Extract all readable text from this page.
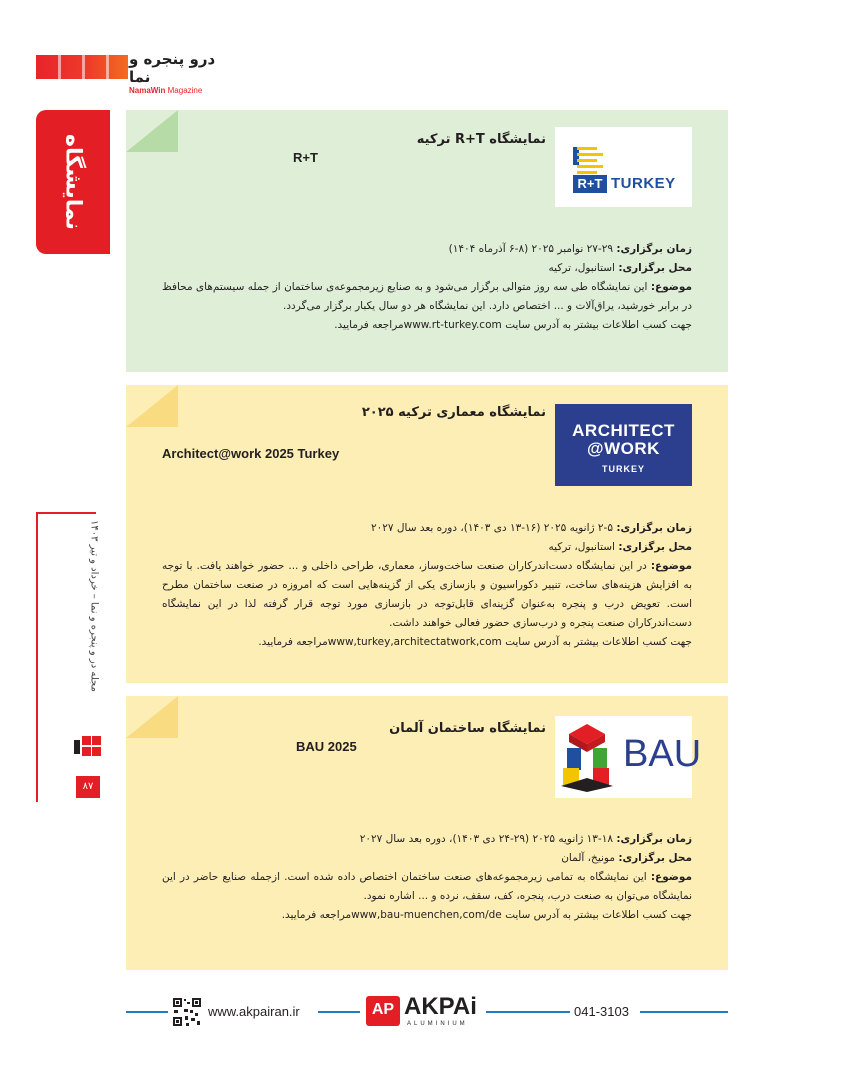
درو پنجره و نما
NamaWin Magazine
نمایشگاه
مجله در و پنجره و نما – خرداد و تیر ۱۴۰۳
۸۷
نمایشگاه R+T ترکیه
R+T
R+T TURKEY

زمان برگزاری: ۲۹-۲۷ نوامبر ۲۰۲۵ (۸-۶ آذرماه ۱۴۰۴)

محل برگزاری: استانبول، ترکیه

موضوع: این نمایشگاه طی سه روز متوالی برگزار می‌شود و به صنایع زیرمجموعه‌ی ساختمان از جمله سیستم‌های محافظ در برابر خورشید، یراق‌آلات و ... اختصاص دارد. این نمایشگاه هر دو سال یکبار برگزار می‌گردد.

جهت کسب اطلاعات بیشتر به آدرس سایت www.rt-turkey.comمراجعه فرمایید.

نمایشگاه معماری ترکیه ۲۰۲۵
Architect@work 2025 Turkey
ARCHITECT
@WORK
TURKEY

زمان برگزاری: ۵-۲ ژانویه ۲۰۲۵ (۱۶-۱۳ دی ۱۴۰۳)، دوره بعد سال ۲۰۲۷

محل برگزاری: استانبول، ترکیه

موضوع: در این نمایشگاه دست‌اندرکاران صنعت ساخت‌وساز، معماری، طراحی داخلی و ... حضور خواهند یافت. با توجه به افزایش هزینه‌های ساخت، تنییر دکوراسیون و بازسازی یکی از گزینه‌هایی است که امروزه در صنعت ساختمان مطرح است. تعویض درب و پنجره به‌عنوان گزینه‌ای قابل‌توجه در بازسازی مورد توجه قرار گرفته لذا در این نمایشگاه دست‌اندرکاران صنعت پنجره و درب‌سازی حضور فعالی خواهند داشت.

جهت کسب اطلاعات بیشتر به آدرس سایت www,turkey,architectatwork,comمراجعه فرمایید.

نمایشگاه ساختمان آلمان
BAU 2025	BAU

زمان برگزاری: ۱۸-۱۳ ژانویه ۲۰۲۵ (۲۹-۲۴ دی ۱۴۰۳)، دوره بعد سال ۲۰۲۷

محل برگزاری: مونیخ، آلمان

موضوع: این نمایشگاه به تمامی زیرمجموعه‌های صنعت ساختمان اختصاص داده شده است. ازجمله صنایع حاضر در این نمایشگاه می‌توان به صنعت درب، پنجره، کف، سقف، نرده و ... اشاره نمود.

جهت کسب اطلاعات بیشتر به آدرس سایت www,bau-muenchen,com/deمراجعه فرمایید.

www.akpairan.ir	AP AKPAi
ALUMINIUM
041-3103
